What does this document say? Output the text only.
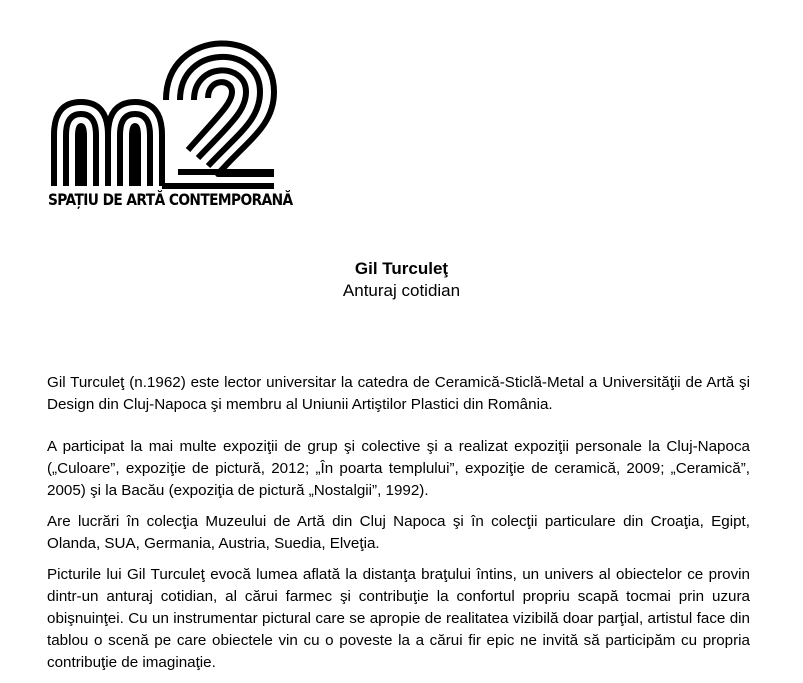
SPAȚIU DE ARTĂ CONTEMPORANĂ
Gil Turculeţ
Anturaj cotidian

Gil Turculeţ (n.1962) este lector universitar la catedra de Ceramică-Sticlă-Metal a Universităţii de Artă şi Design din Cluj-Napoca şi membru al Uniunii Artiştilor Plastici din România.

A participat la mai multe expoziţii de grup şi colective şi a realizat expoziţii personale la Cluj-Napoca („Culoare”, expoziţie de pictură, 2012; „În poarta templului”, expoziţie de ceramică, 2009; „Ceramică”, 2005) şi la Bacău (expoziţia de pictură „Nostalgii”, 1992).

Are lucrări în colecţia Muzeului de Artă din Cluj Napoca şi în colecţii particulare din Croaţia, Egipt, Olanda, SUA, Germania, Austria, Suedia, Elveţia.

Picturile lui Gil Turculeţ evocă lumea aflată la distanţa braţului întins, un univers al obiectelor ce provin dintr-un anturaj cotidian, al cărui farmec şi contribuţie la confortul propriu scapă tocmai prin uzura obişnuinţei. Cu un instrumentar pictural care se apropie de realitatea vizibilă doar parţial, artistul face din tablou o scenă pe care obiectele vin cu o poveste la a cărui fir epic ne invită să participăm cu propria contribuţie de imaginaţie.
